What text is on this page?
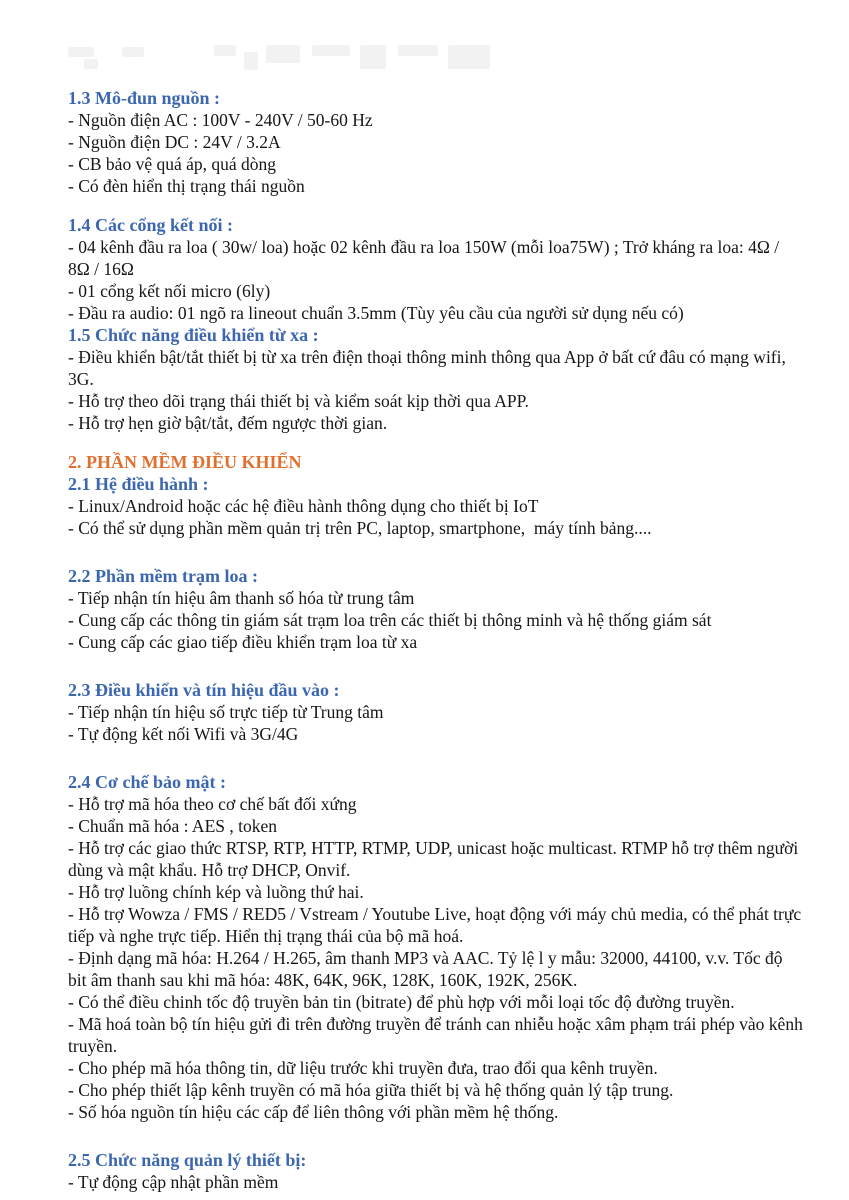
1.3 Mô-đun nguồn :

- Nguồn điện AC : 100V - 240V / 50-60 Hz

- Nguồn điện DC : 24V / 3.2A

- CB bảo vệ quá áp, quá dòng

- Có đèn hiển thị trạng thái nguồn

1.4 Các cổng kết nối :

- 04 kênh đầu ra loa ( 30w/ loa) hoặc 02 kênh đầu ra loa 150W (mỗi loa75W) ; Trở kháng ra loa: 4Ω / 8Ω / 16Ω

- 01 cổng kết nối micro (6ly)

- Đầu ra audio: 01 ngõ ra lineout chuẩn 3.5mm (Tùy yêu cầu của người sử dụng nếu có)

1.5 Chức năng điều khiển từ xa :

- Điều khiển bật/tắt thiết bị từ xa trên điện thoại thông minh thông qua App ở bất cứ đâu có mạng wifi, 3G.

- Hỗ trợ theo dõi trạng thái thiết bị và kiểm soát kịp thời qua APP.

- Hỗ trợ hẹn giờ bật/tắt, đếm ngược thời gian.

2. PHẦN MỀM ĐIỀU KHIỂN
2.1 Hệ điều hành :

- Linux/Android hoặc các hệ điều hành thông dụng cho thiết bị IoT

- Có thể sử dụng phần mềm quản trị trên PC, laptop, smartphone,  máy tính bảng....

2.2 Phần mềm trạm loa :

- Tiếp nhận tín hiệu âm thanh số hóa từ trung tâm

- Cung cấp các thông tin giám sát trạm loa trên các thiết bị thông minh và hệ thống giám sát

- Cung cấp các giao tiếp điều khiển trạm loa từ xa

2.3 Điều khiển và tín hiệu đầu vào :

- Tiếp nhận tín hiệu số trực tiếp từ Trung tâm

- Tự động kết nối Wifi và 3G/4G

2.4 Cơ chế bảo mật :

- Hỗ trợ mã hóa theo cơ chế bất đối xứng

- Chuẩn mã hóa : AES , token

- Hỗ trợ các giao thức RTSP, RTP, HTTP, RTMP, UDP, unicast hoặc multicast. RTMP hỗ trợ thêm người dùng và mật khẩu. Hỗ trợ DHCP, Onvif.

- Hỗ trợ luồng chính kép và luồng thứ hai.

- Hỗ trợ Wowza / FMS / RED5 / Vstream / Youtube Live, hoạt động với máy chủ media, có thể phát trực tiếp và nghe trực tiếp. Hiển thị trạng thái của bộ mã hoá.

- Định dạng mã hóa: H.264 / H.265, âm thanh MP3 và AAC. Tỷ lệ l y mẫu: 32000, 44100, v.v. Tốc độ bit âm thanh sau khi mã hóa: 48K, 64K, 96K, 128K, 160K, 192K, 256K.

- Có thể điều chinh tốc độ truyền bản tin (bitrate) để phù hợp với mỗi loại tốc độ đường truyền.

- Mã hoá toàn bộ tín hiệu gửi đi trên đường truyền để tránh can nhiễu hoặc xâm phạm trái phép vào kênh truyền.

- Cho phép mã hóa thông tin, dữ liệu trước khi truyền đưa, trao đổi qua kênh truyền.

- Cho phép thiết lập kênh truyền có mã hóa giữa thiết bị và hệ thống quản lý tập trung.

- Số hóa nguồn tín hiệu các cấp để liên thông với phần mềm hệ thống.

2.5 Chức năng quản lý thiết bị:

- Tự động cập nhật phần mềm
